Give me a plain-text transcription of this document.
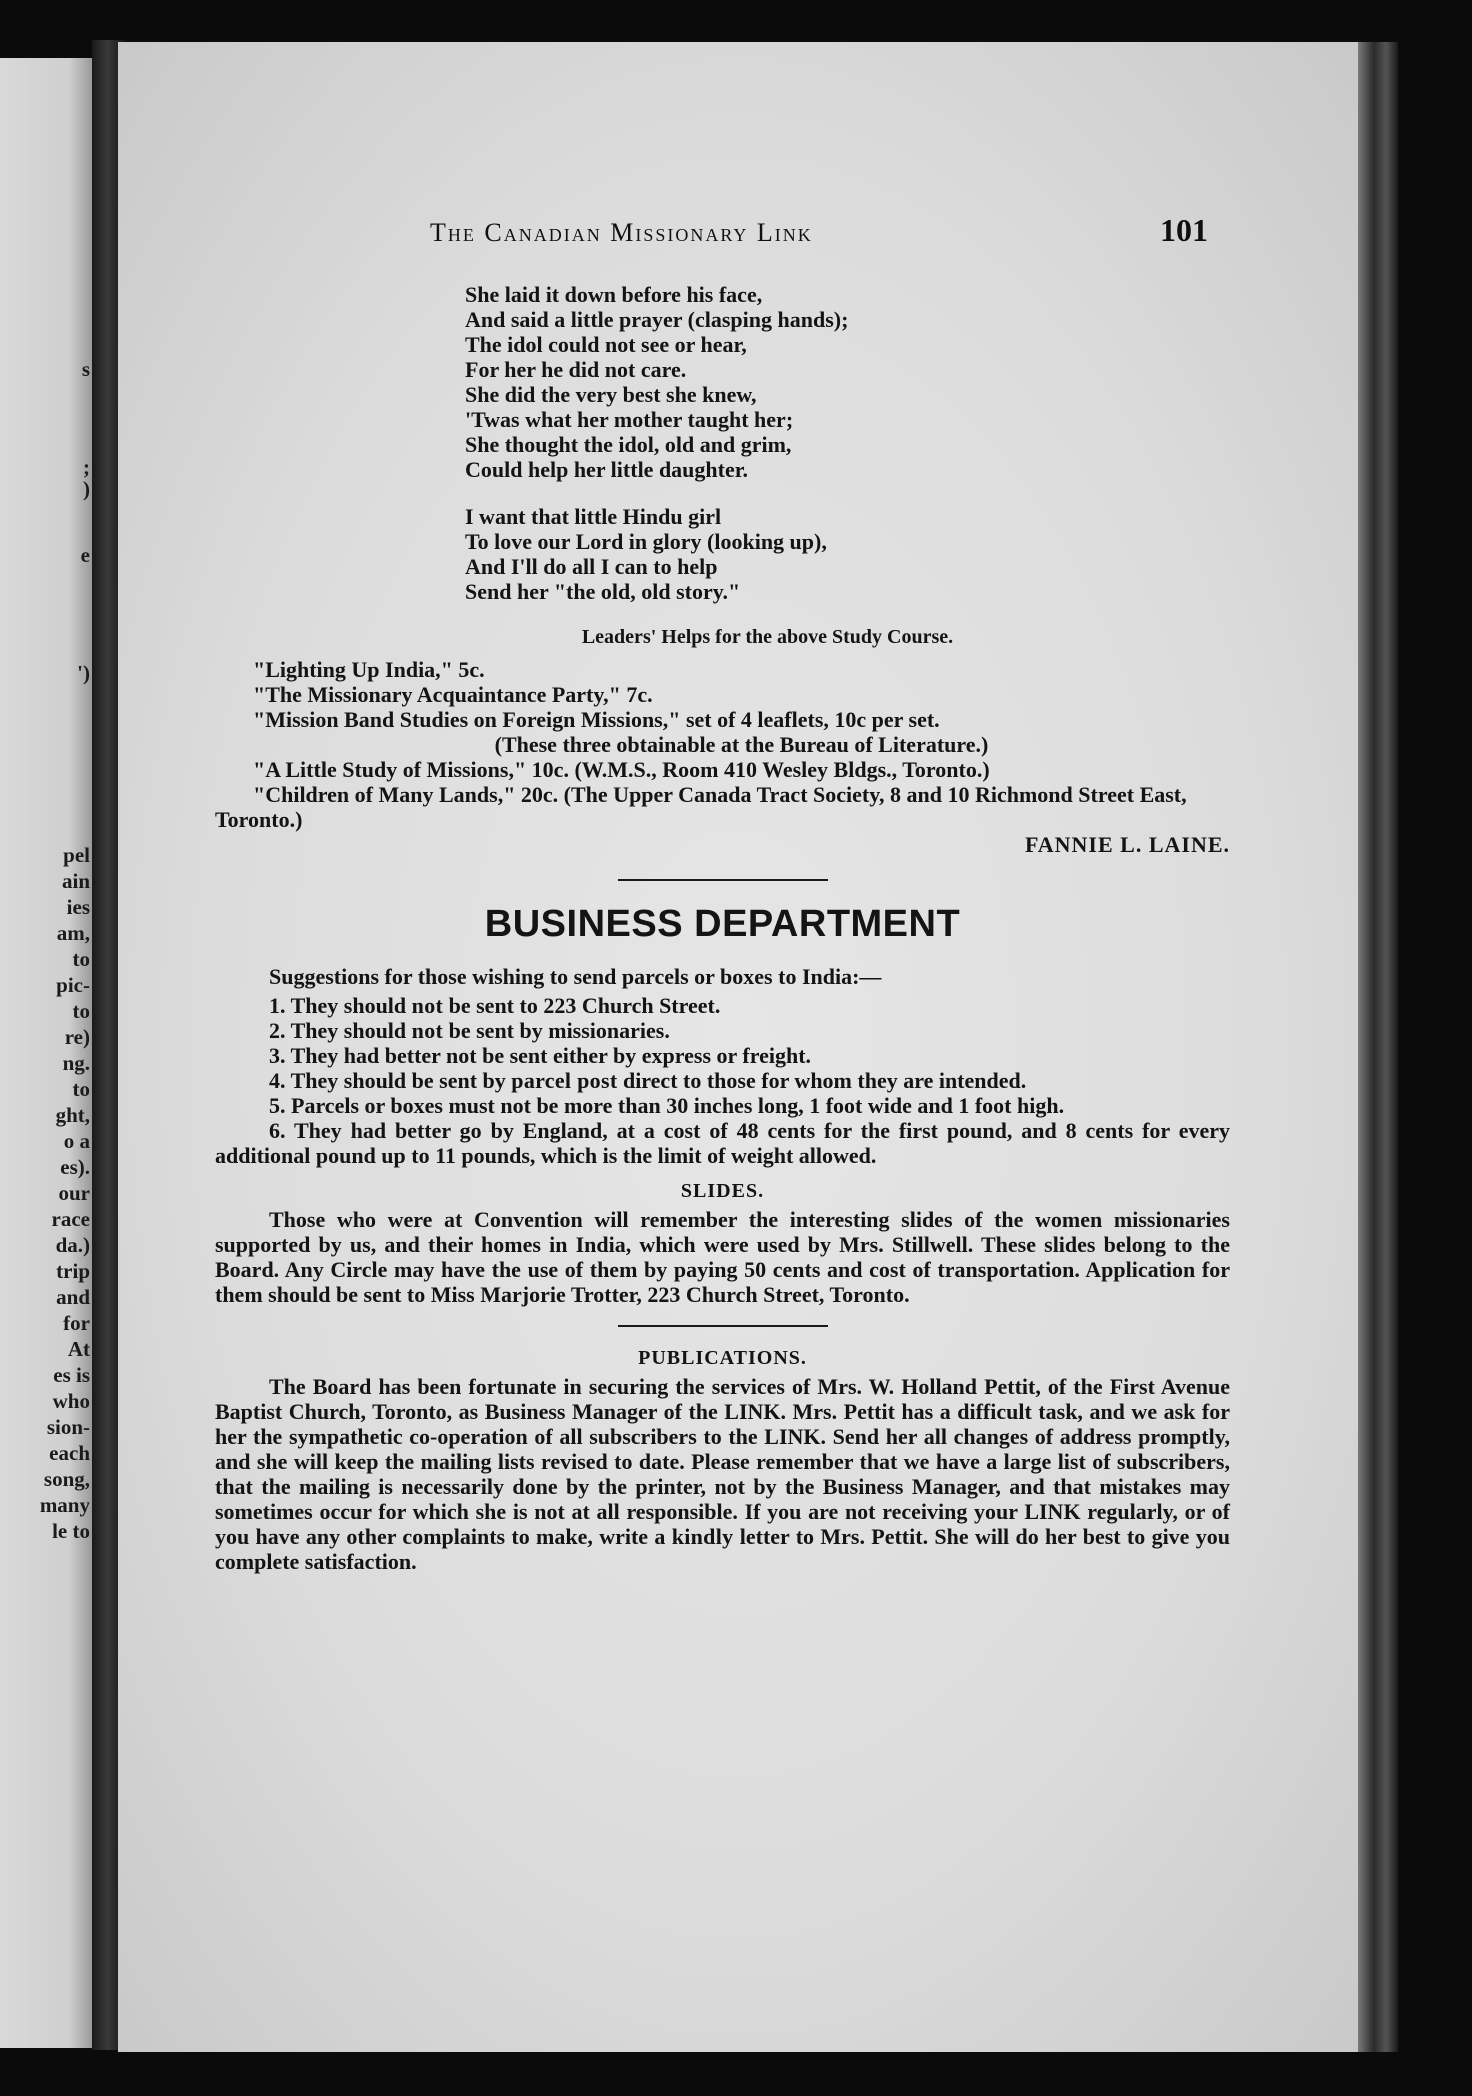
s
;
)
e
')
pel
ain
ies
am,
to
pic-
to
re)
ng.
to
ght,
o a
es).
our
race
da.)
trip
and
for
At
es is
who
sion-
each
song,
many
le to
The Canadian Missionary Link	101
She laid it down before his face,
And said a little prayer (clasping hands);
The idol could not see or hear,
For her he did not care.
She did the very best she knew,
'Twas what her mother taught her;
She thought the idol, old and grim,
Could help her little daughter.
I want that little Hindu girl
To love our Lord in glory (looking up),
And I'll do all I can to help
Send her "the old, old story."
Leaders' Helps for the above Study Course.

"Lighting Up India," 5c.

"The Missionary Acquaintance Party," 7c.

"Mission Band Studies on Foreign Missions," set of 4 leaflets, 10c per set.

(These three obtainable at the Bureau of Literature.)

"A Little Study of Missions," 10c. (W.M.S., Room 410 Wesley Bldgs., Toronto.)

"Children of Many Lands," 20c. (The Upper Canada Tract Society, 8 and 10 Richmond Street East, Toronto.)

FANNIE L. LAINE.

BUSINESS DEPARTMENT

Suggestions for those wishing to send parcels or boxes to India:—

1. They should not be sent to 223 Church Street.
2. They should not be sent by missionaries.
3. They had better not be sent either by express or freight.
4. They should be sent by parcel post direct to those for whom they are intended.
5. Parcels or boxes must not be more than 30 inches long, 1 foot wide and 1 foot high.
6. They had better go by England, at a cost of 48 cents for the first pound, and 8 cents for every additional pound up to 11 pounds, which is the limit of weight allowed.
SLIDES.

Those who were at Convention will remember the interesting slides of the women missionaries supported by us, and their homes in India, which were used by Mrs. Stillwell. These slides belong to the Board. Any Circle may have the use of them by paying 50 cents and cost of transportation. Application for them should be sent to Miss Marjorie Trotter, 223 Church Street, Toronto.

PUBLICATIONS.

The Board has been fortunate in securing the services of Mrs. W. Holland Pettit, of the First Avenue Baptist Church, Toronto, as Business Manager of the LINK. Mrs. Pettit has a difficult task, and we ask for her the sympathetic co-operation of all subscribers to the LINK. Send her all changes of address promptly, and she will keep the mailing lists revised to date. Please remember that we have a large list of subscribers, that the mailing is necessarily done by the printer, not by the Business Manager, and that mistakes may sometimes occur for which she is not at all responsible. If you are not receiving your LINK regularly, or of you have any other complaints to make, write a kindly letter to Mrs. Pettit. She will do her best to give you complete satisfaction.
